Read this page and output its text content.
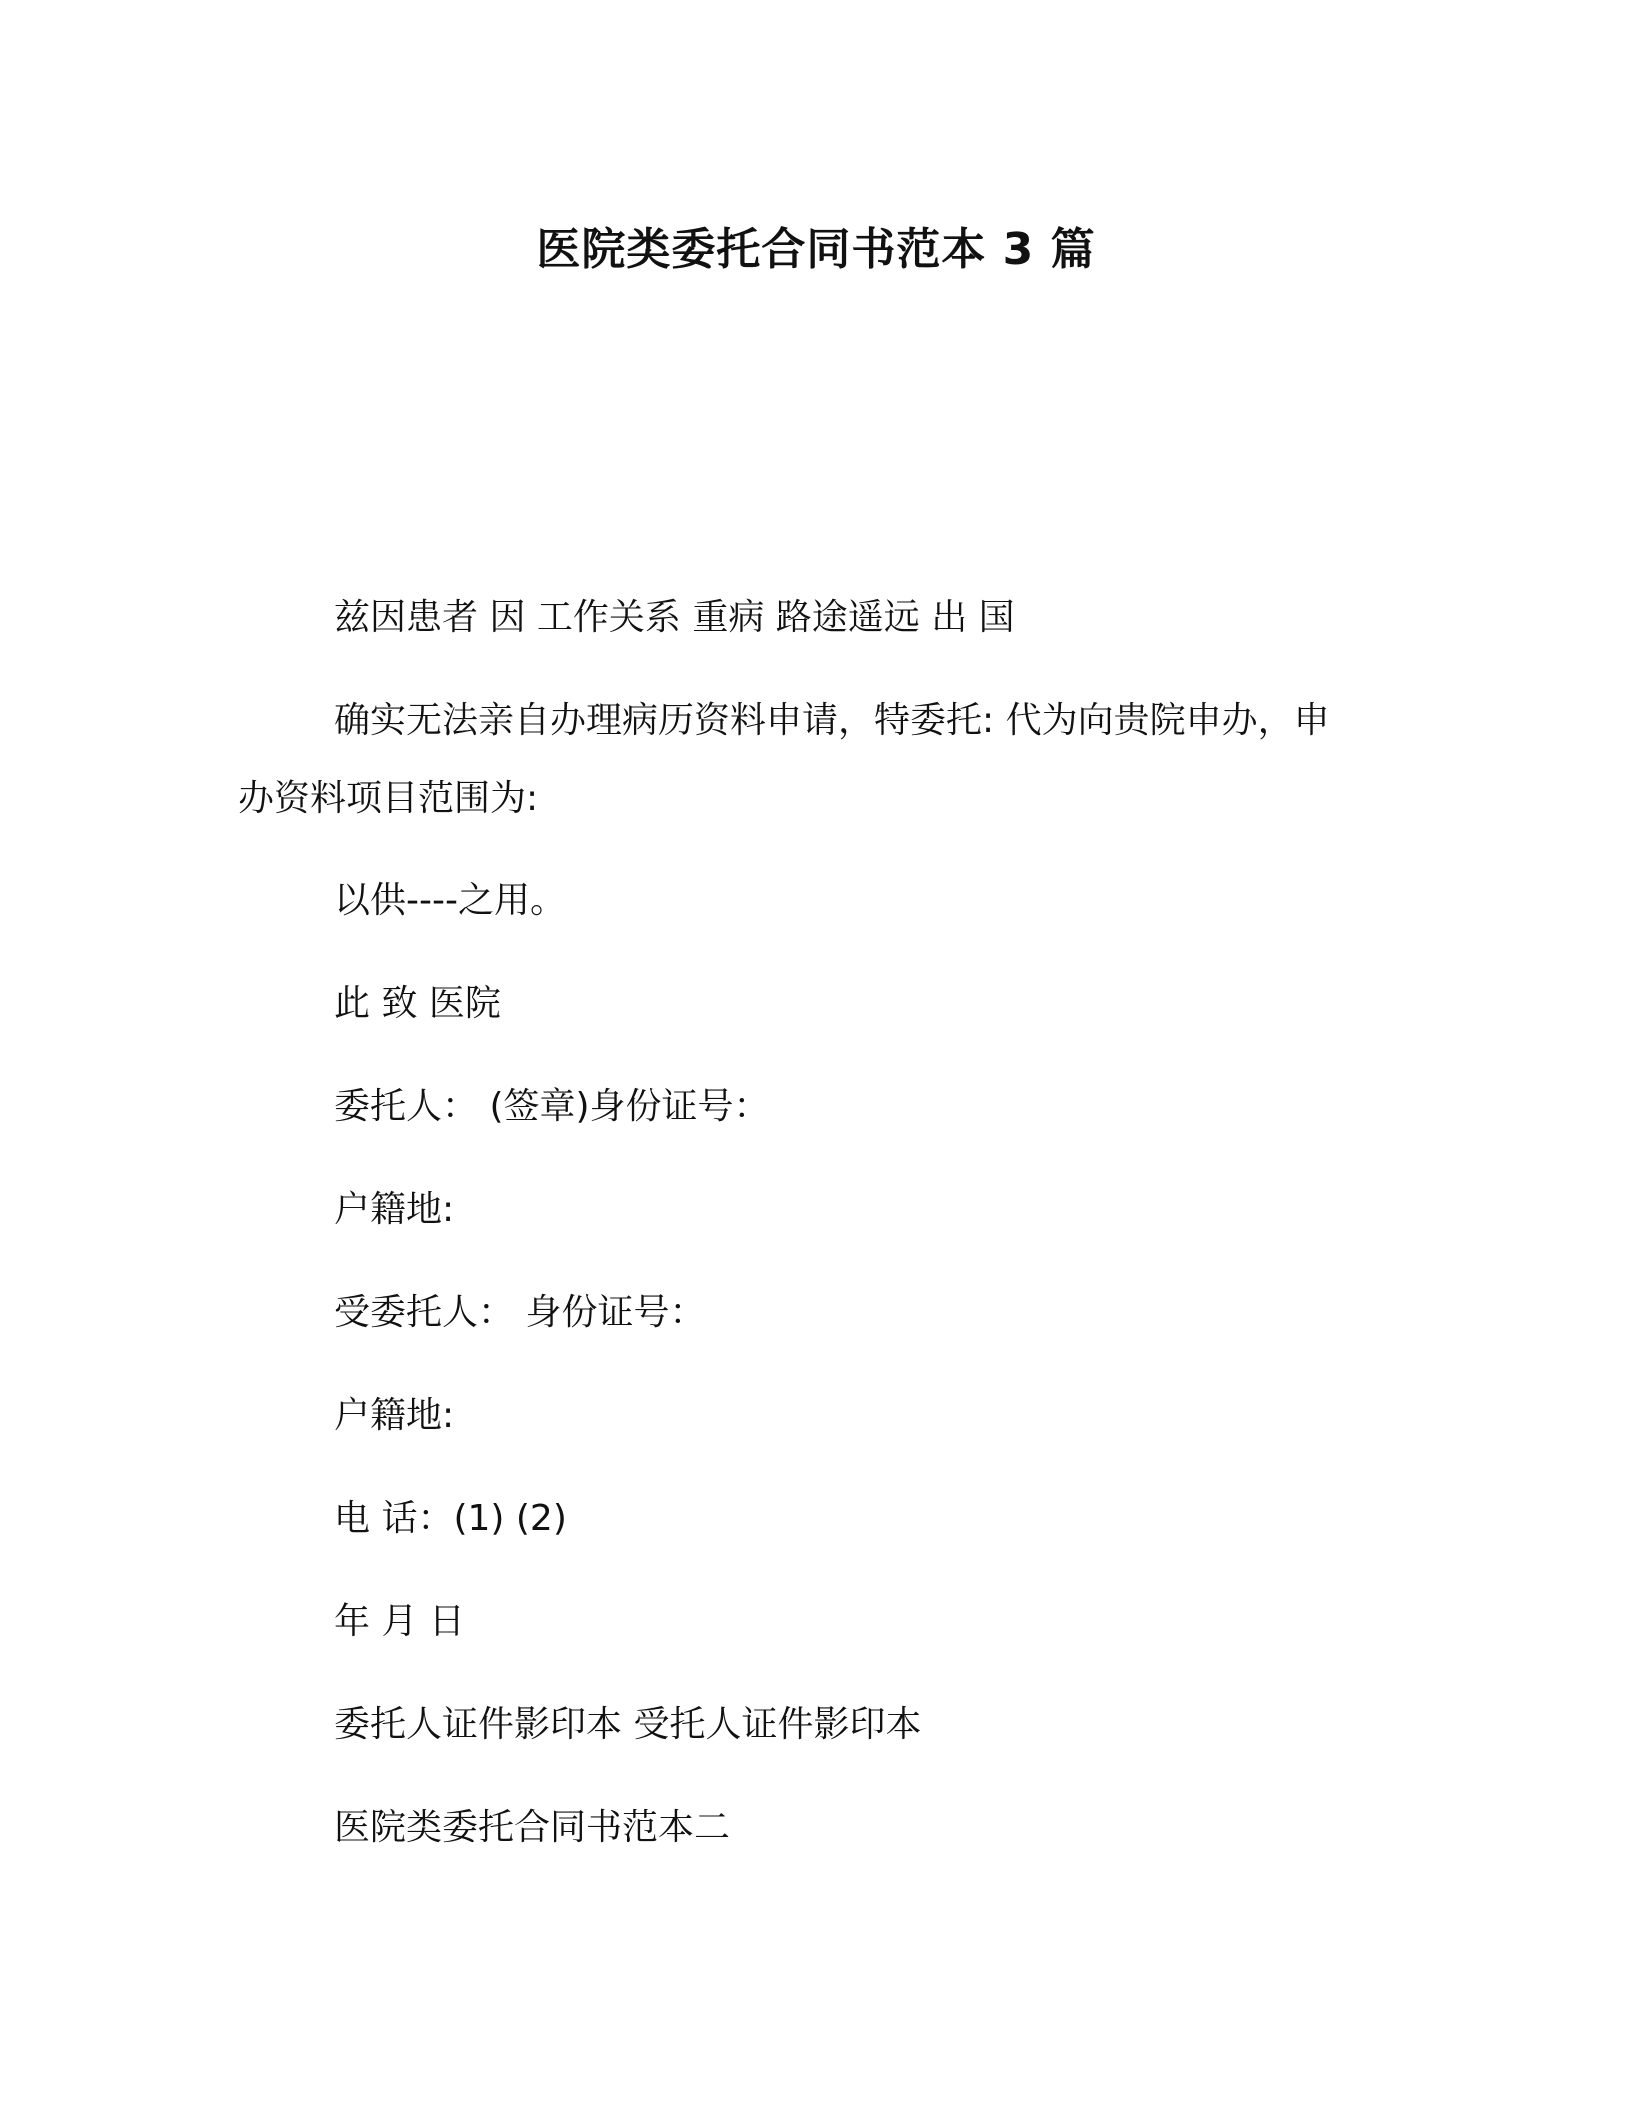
医院类委托合同书范本 3 篇
兹因患者 因 工作关系 重病 路途遥远 出 国
确实无法亲自办理病历资料申请，特委托: 代为向贵院申办，申
办资料项目范围为:
以供----之用。
此 致 医院
委托人： (签章)身份证号：
户籍地:
受委托人： 身份证号：
户籍地:
电 话：(1) (2)
年 月 日
委托人证件影印本 受托人证件影印本
医院类委托合同书范本二
